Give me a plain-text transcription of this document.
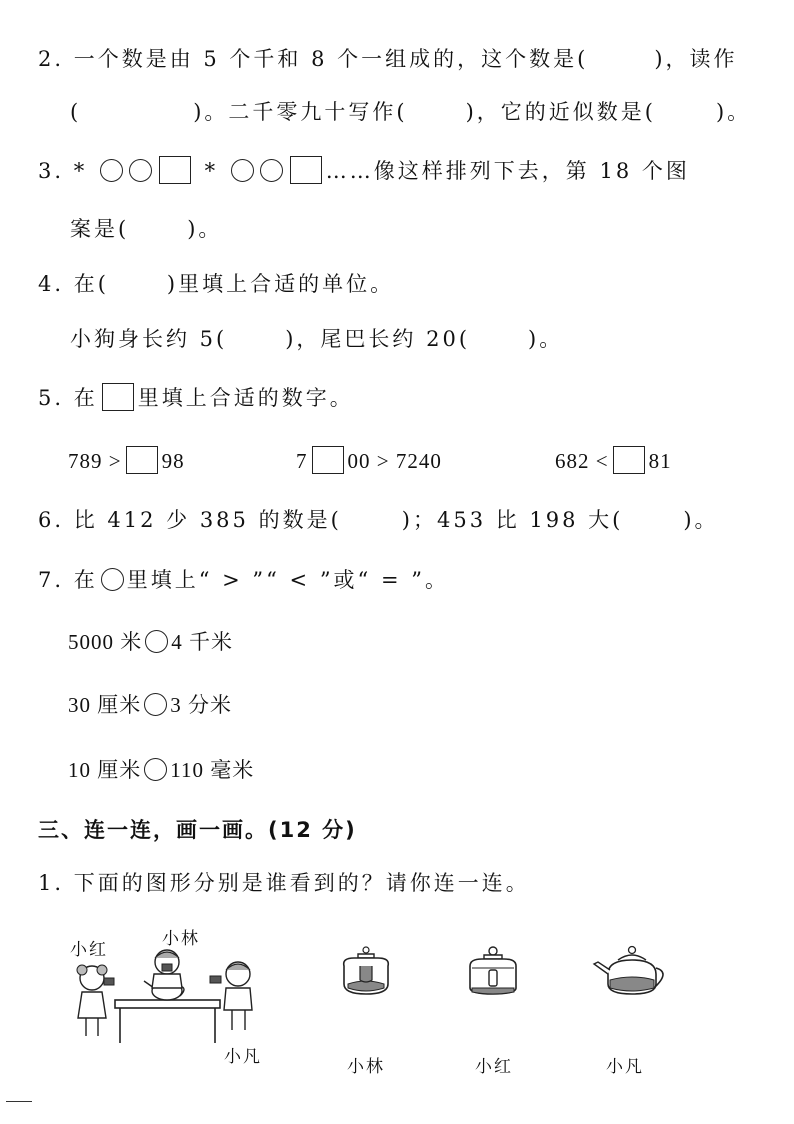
2. 一个数是由 5 个千和 8 个一组成的，这个数是(	)，读作
(	)。二千零九十写作(	)，它的近似数是(	)。
3. *	*	……像这样排列下去，第 18 个图
案是(	)。
4. 在(	)里填上合适的单位。
小狗身长约 5(	)，尾巴长约 20(	)。
5. 在 里填上合适的数字。
789 > 98	7 00 > 7240	682 < 81
6. 比 412 少 385 的数是(	)；453 比 198 大(	)。
7. 在 里填上“ > ”“ < ”或“ = ”。
5000 米 4 千米
30 厘米 3 分米
10 厘米 110 毫米
三、连一连，画一画。(12 分)
1. 下面的图形分别是谁看到的？请你连一连。
小红
小林
小凡	小林	小红	小凡
